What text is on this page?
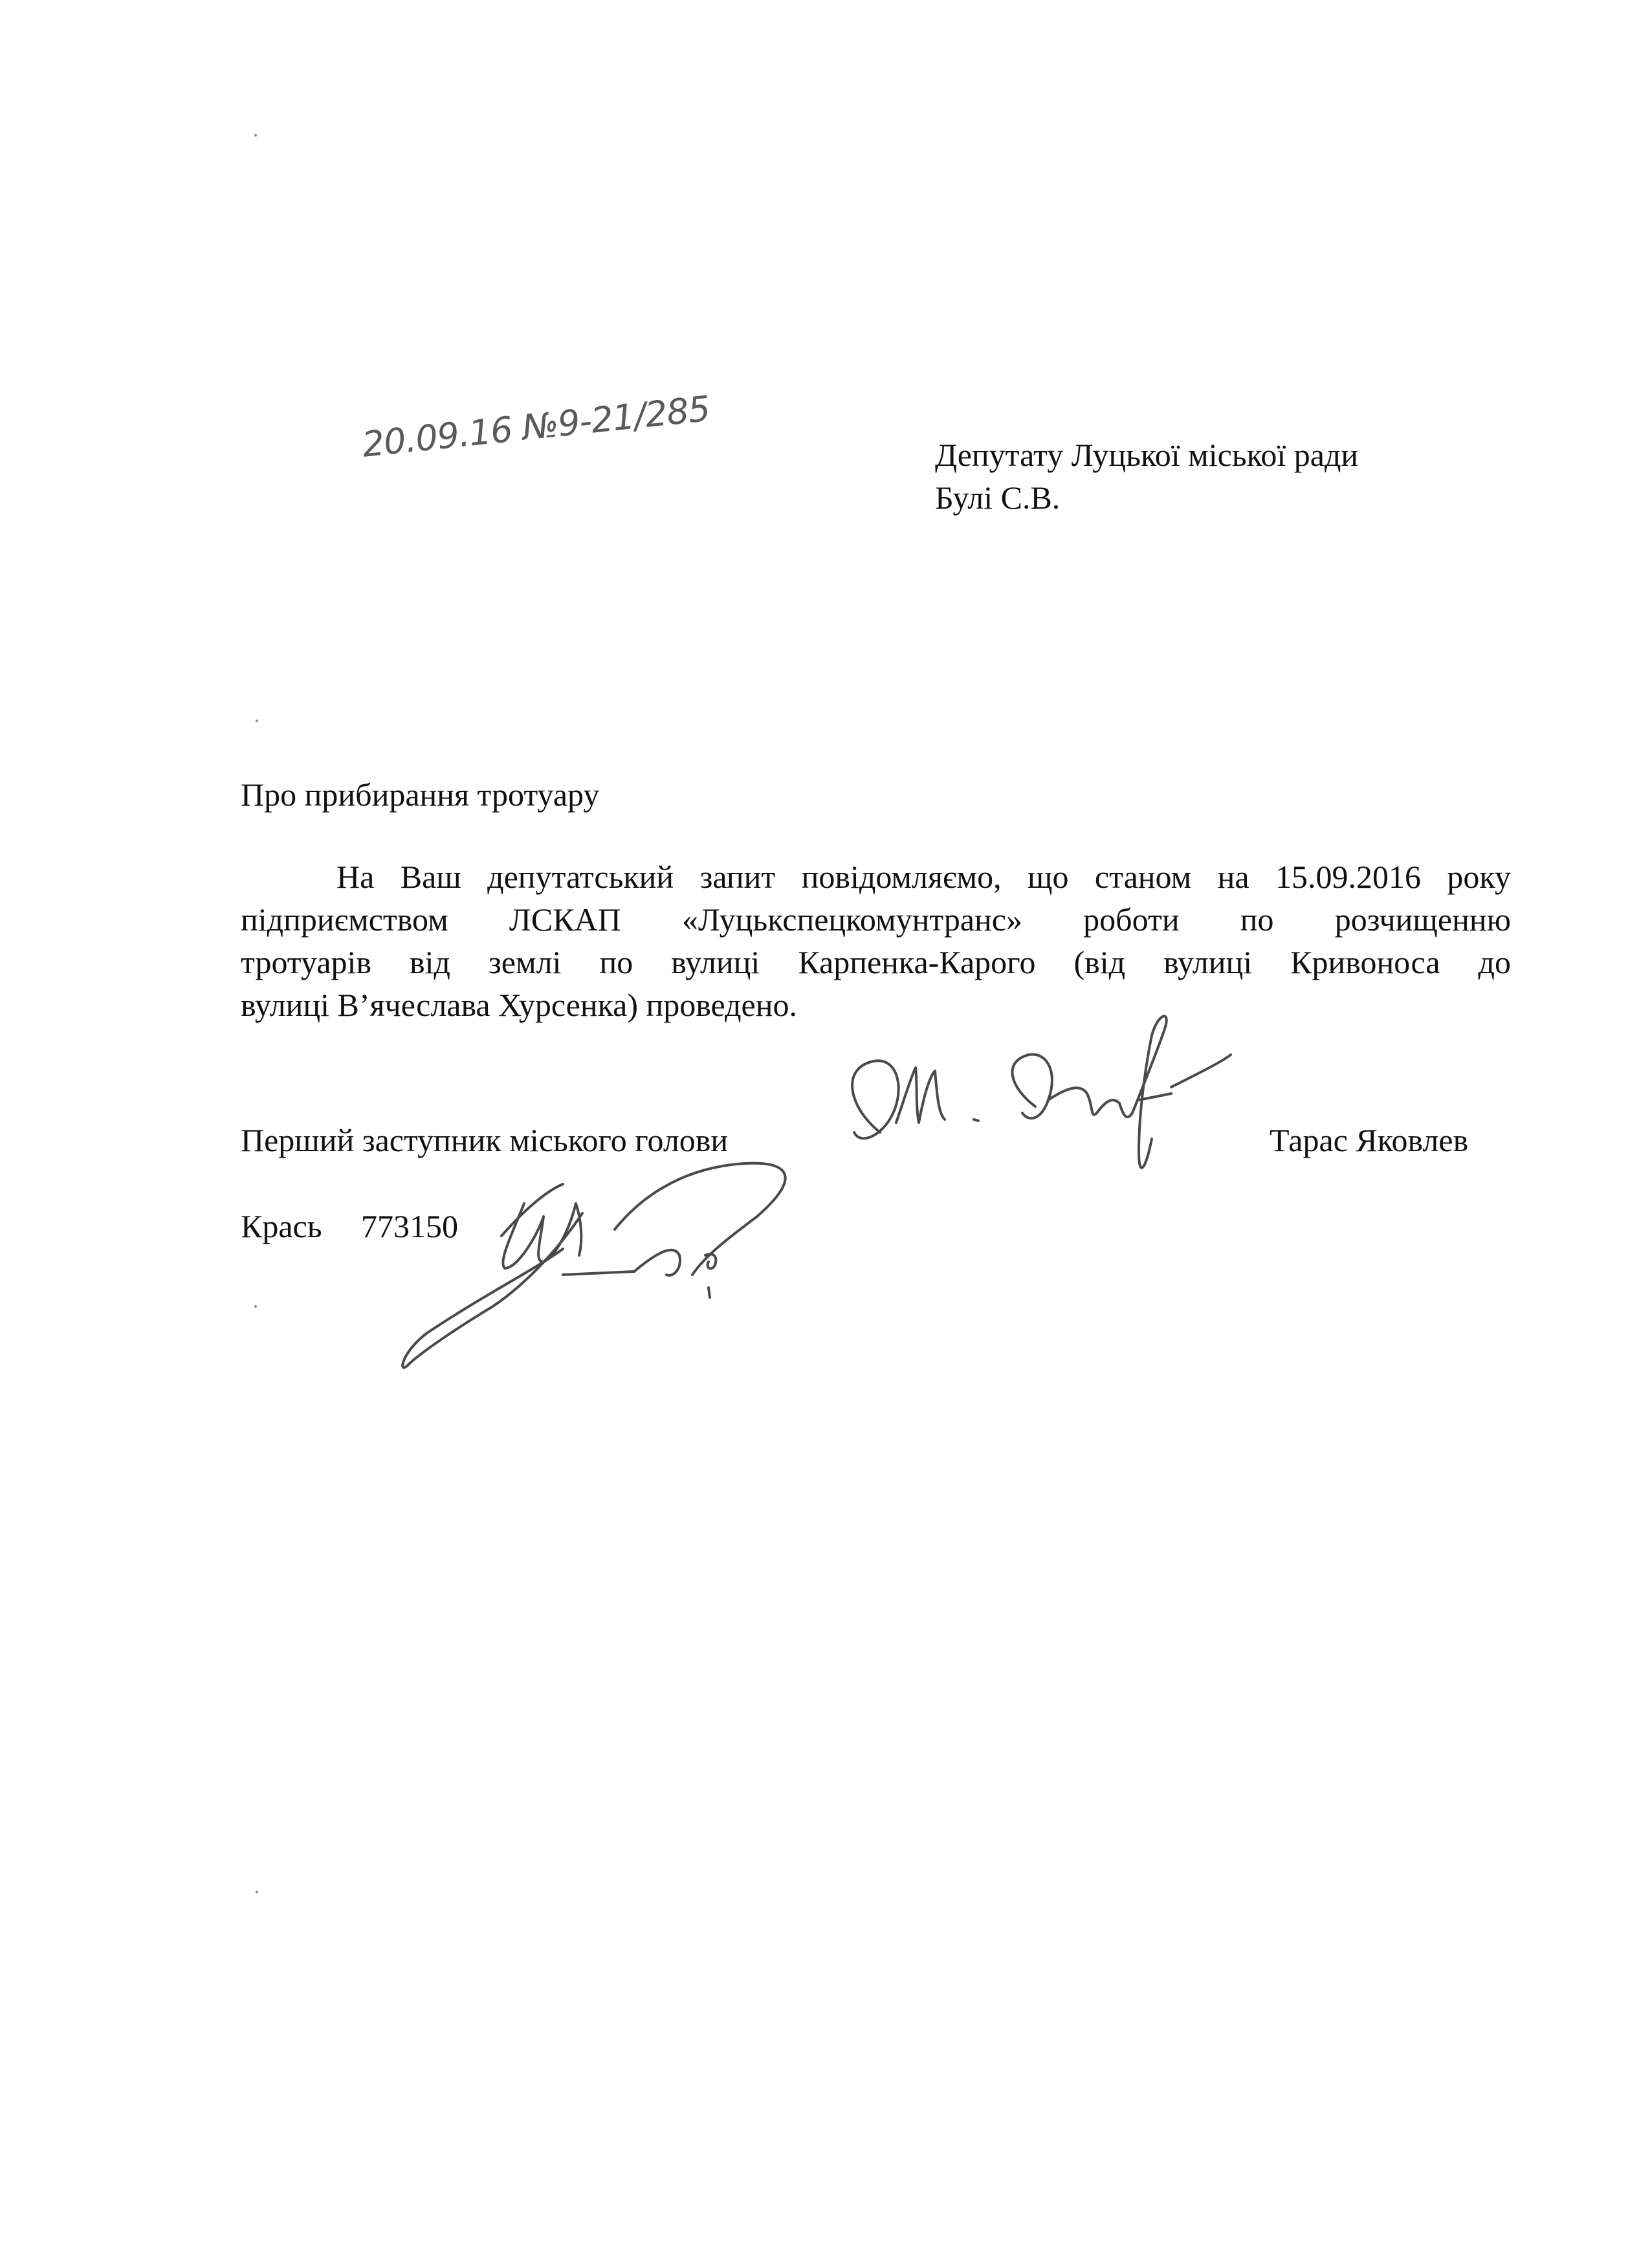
20.09.16 №9-21/285	Депутату Луцької міської ради
Булі С.В.
Про прибирання тротуару
На Ваш депутатський запит повідомляємо, що станом на 15.09.2016 року
підприємством ЛСКАП «Луцькспецкомунтранс» роботи по розчищенню
тротуарів від землі по вулиці Карпенка-Карого (від вулиці Кривоноса до
вулиці В’ячеслава Хурсенка) проведено.
Перший заступник міського голови	Тарас Яковлев
Крась 773150
